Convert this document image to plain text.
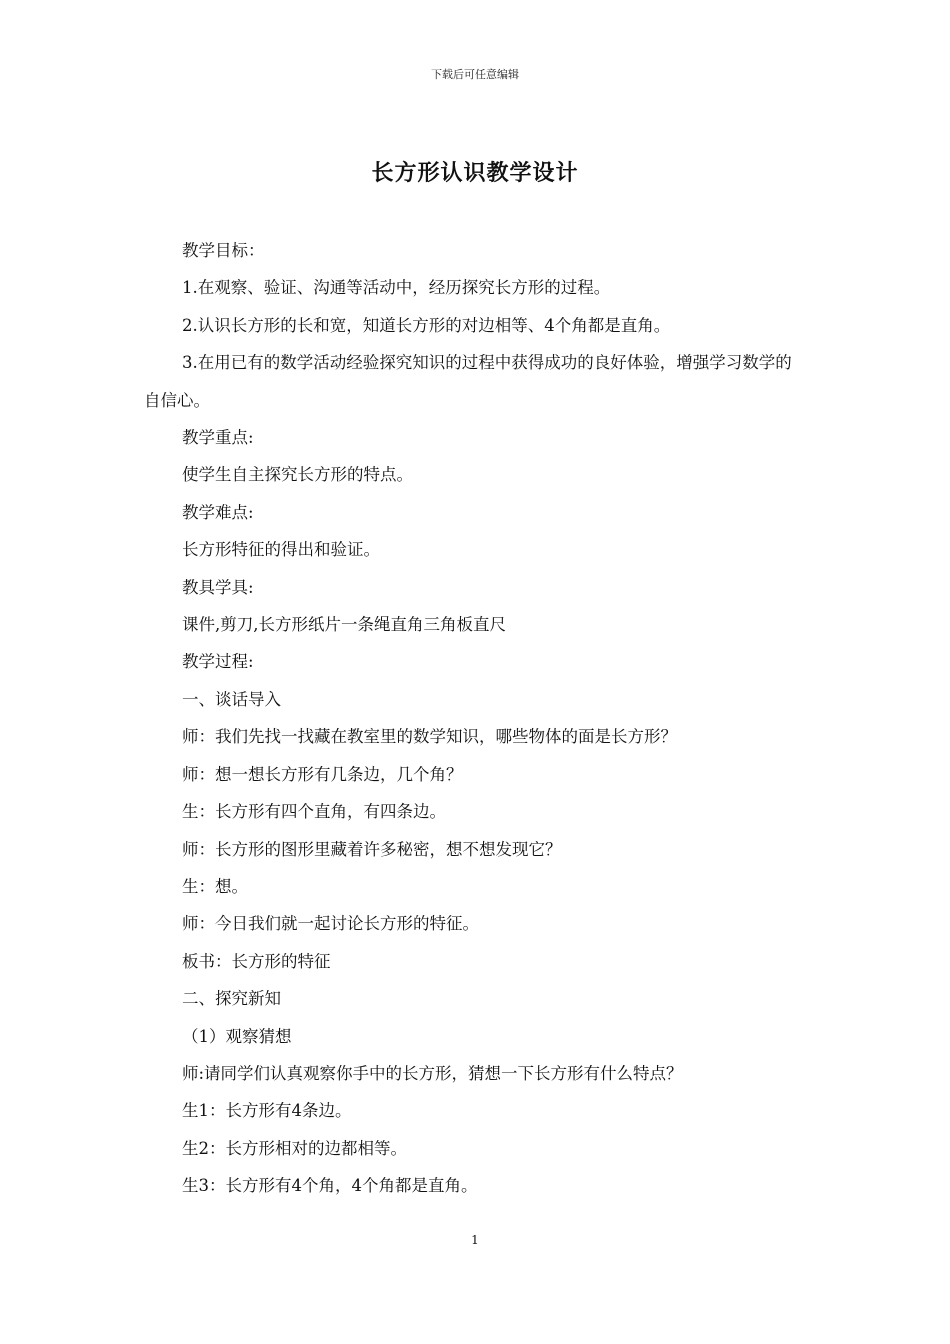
下载后可任意编辑
长方形认识教学设计

教学目标：

1.在观察、验证、沟通等活动中，经历探究长方形的过程。

2.认识长方形的长和宽，知道长方形的对边相等、4个角都是直角。

3.在用已有的数学活动经验探究知识的过程中获得成功的良好体验，增强学习数学的自信心。

教学重点:

使学生自主探究长方形的特点。

教学难点:

长方形特征的得出和验证。

教具学具:

课件,剪刀,长方形纸片一条绳直角三角板直尺

教学过程:

一、谈话导入

师：我们先找一找藏在教室里的数学知识，哪些物体的面是长方形？

师：想一想长方形有几条边，几个角？

生：长方形有四个直角，有四条边。

师：长方形的图形里藏着许多秘密，想不想发现它？

生：想。

师：今日我们就一起讨论长方形的特征。

板书：长方形的特征

二、探究新知

（1）观察猜想

师:请同学们认真观察你手中的长方形，猜想一下长方形有什么特点？

生1：长方形有4条边。

生2：长方形相对的边都相等。

生3：长方形有4个角，4个角都是直角。

1
